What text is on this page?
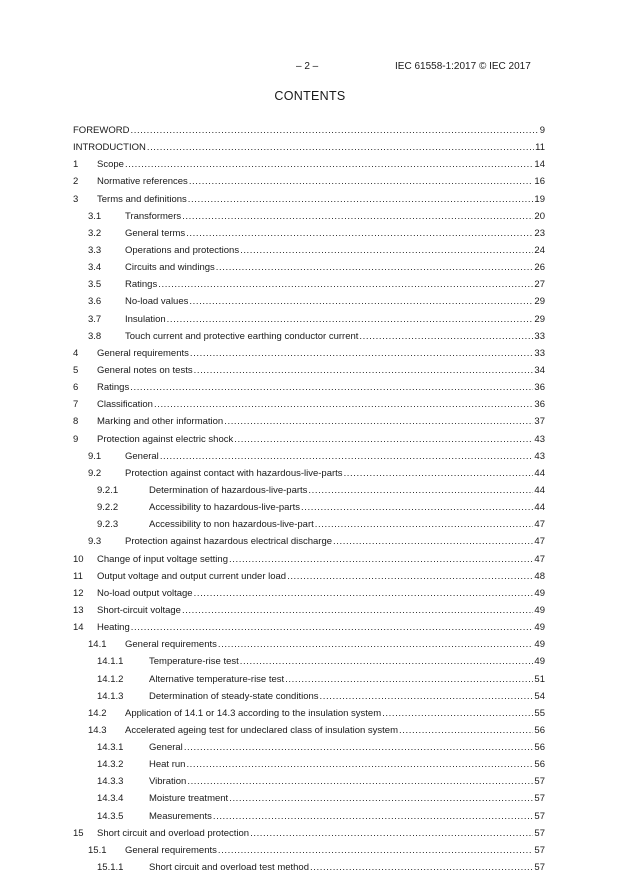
– 2 –	IEC 61558-1:2017 © IEC 2017
CONTENTS
FOREWORD .....	9
INTRODUCTION .....	11
1 Scope .....	14
2 Normative references .....	16
3 Terms and definitions .....	19
3.1	Transformers .....	20
3.2	General terms .....	23
3.3	Operations and protections .....	24
3.4	Circuits and windings .....	26
3.5	Ratings .....	27
3.6	No-load values .....	29
3.7	Insulation .....	29
3.8	Touch current and protective earthing conductor current .....	33
4 General requirements .....	33
5 General notes on tests .....	34
6 Ratings .....	36
7 Classification .....	36
8 Marking and other information .....	37
9 Protection against electric shock .....	43
9.1	General .....	43
9.2	Protection against contact with hazardous-live-parts .....	44
9.2.1	Determination of hazardous-live-parts .....	44
9.2.2	Accessibility to hazardous-live-parts .....	44
9.2.3	Accessibility to non hazardous-live-part .....	47
9.3	Protection against hazardous electrical discharge .....	47
10 Change of input voltage setting .....	47
11 Output voltage and output current under load .....	48
12 No-load output voltage .....	49
13 Short-circuit voltage .....	49
14 Heating .....	49
14.1 General requirements .....	49
14.1.1	Temperature-rise test .....	49
14.1.2	Alternative temperature-rise test .....	51
14.1.3	Determination of steady-state conditions .....	54
14.2 Application of 14.1 or 14.3 according to the insulation system .....	55
14.3 Accelerated ageing test for undeclared class of insulation system .....	56
14.3.1	General .....	56
14.3.2	Heat run .....	56
14.3.3	Vibration .....	57
14.3.4	Moisture treatment .....	57
14.3.5	Measurements .....	57
15 Short circuit and overload protection .....	57
15.1 General requirements .....	57
15.1.1	Short circuit and overload test method .....	57
